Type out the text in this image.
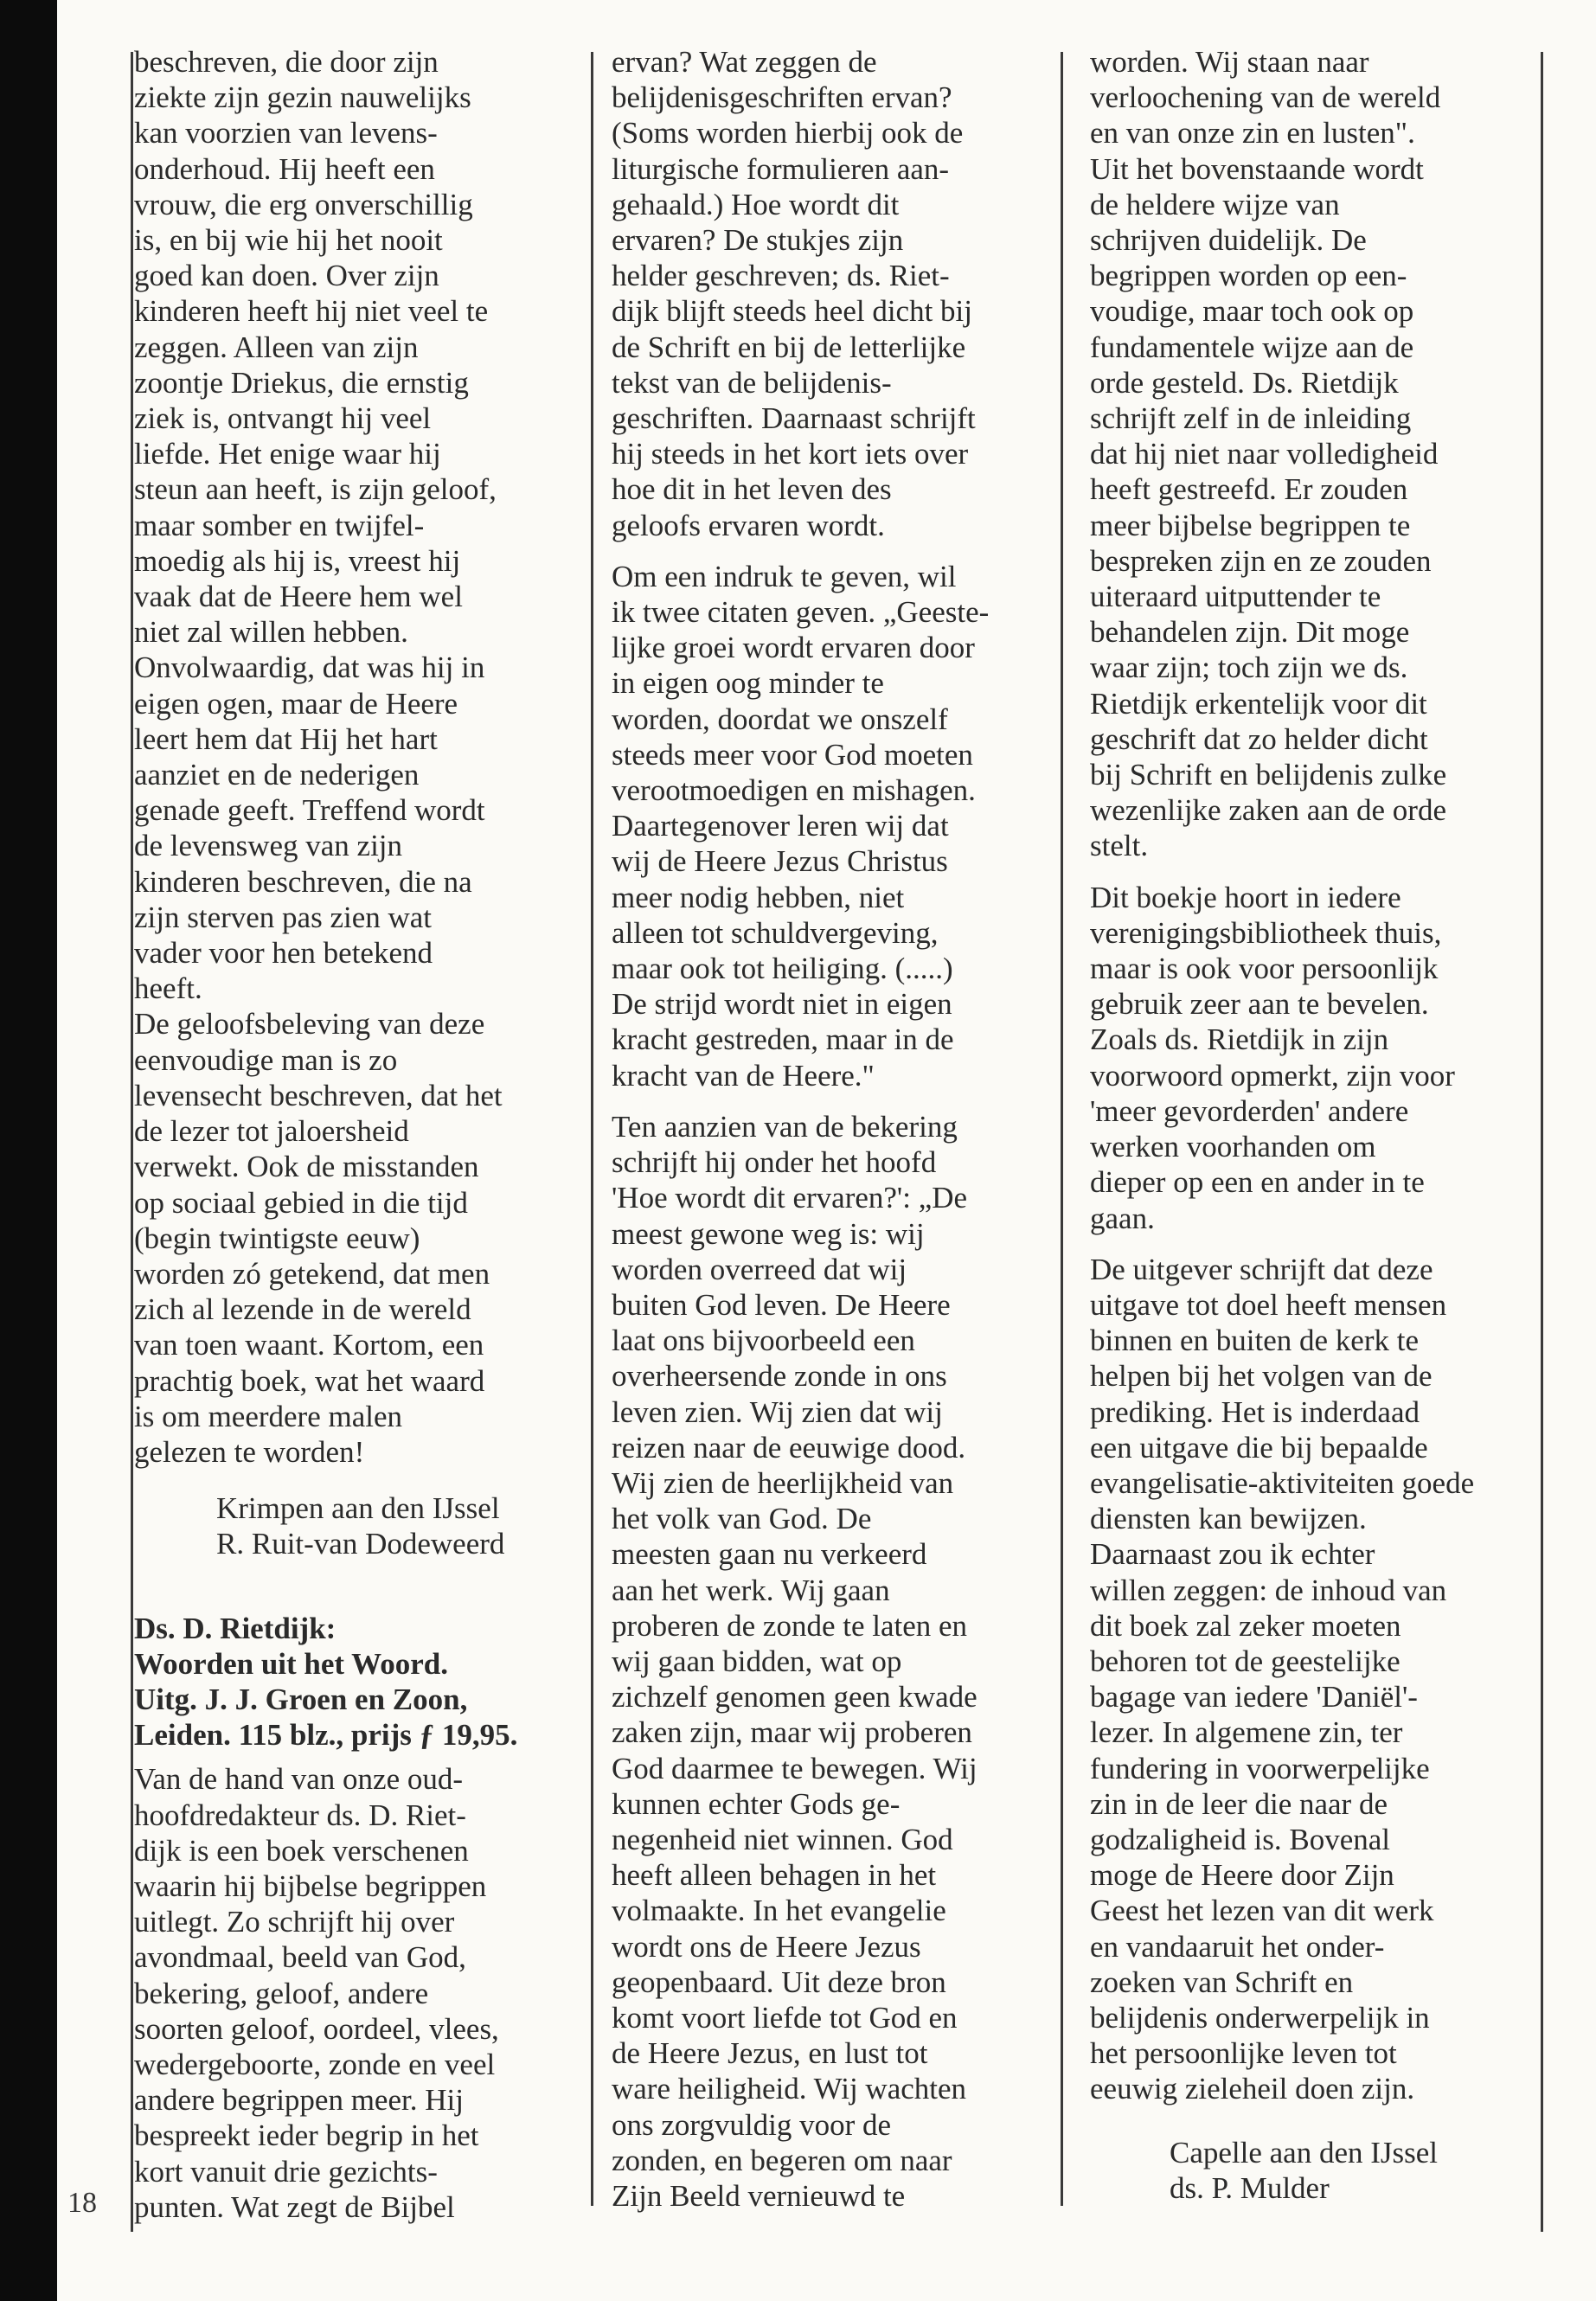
18
beschreven, die door zijn
ziekte zijn gezin nauwelijks
kan voorzien van levens-
onderhoud. Hij heeft een
vrouw, die erg onverschillig
is, en bij wie hij het nooit
goed kan doen. Over zijn
kinderen heeft hij niet veel te
zeggen. Alleen van zijn
zoontje Driekus, die ernstig
ziek is, ontvangt hij veel
liefde. Het enige waar hij
steun aan heeft, is zijn geloof,
maar somber en twijfel-
moedig als hij is, vreest hij
vaak dat de Heere hem wel
niet zal willen hebben.
Onvolwaardig, dat was hij in
eigen ogen, maar de Heere
leert hem dat Hij het hart
aanziet en de nederigen
genade geeft. Treffend wordt
de levensweg van zijn
kinderen beschreven, die na
zijn sterven pas zien wat
vader voor hen betekend
heeft.
De geloofsbeleving van deze
eenvoudige man is zo
levensecht beschreven, dat het
de lezer tot jaloersheid
verwekt. Ook de misstanden
op sociaal gebied in die tijd
(begin twintigste eeuw)
worden zó getekend, dat men
zich al lezende in de wereld
van toen waant. Kortom, een
prachtig boek, wat het waard
is om meerdere malen
gelezen te worden!
Krimpen aan den IJssel
R. Ruit-van Dodeweerd
Ds. D. Rietdijk:
Woorden uit het Woord.
Uitg. J. J. Groen en Zoon,
Leiden. 115 blz., prijs ƒ 19,95.
Van de hand van onze oud-
hoofdredakteur ds. D. Riet-
dijk is een boek verschenen
waarin hij bijbelse begrippen
uitlegt. Zo schrijft hij over
avondmaal, beeld van God,
bekering, geloof, andere
soorten geloof, oordeel, vlees,
wedergeboorte, zonde en veel
andere begrippen meer. Hij
bespreekt ieder begrip in het
kort vanuit drie gezichts-
punten. Wat zegt de Bijbel
ervan? Wat zeggen de
belijdenisgeschriften ervan?
(Soms worden hierbij ook de
liturgische formulieren aan-
gehaald.) Hoe wordt dit
ervaren? De stukjes zijn
helder geschreven; ds. Riet-
dijk blijft steeds heel dicht bij
de Schrift en bij de letterlijke
tekst van de belijdenis-
geschriften. Daarnaast schrijft
hij steeds in het kort iets over
hoe dit in het leven des
geloofs ervaren wordt.
Om een indruk te geven, wil
ik twee citaten geven. „Geeste-
lijke groei wordt ervaren door
in eigen oog minder te
worden, doordat we onszelf
steeds meer voor God moeten
verootmoedigen en mishagen.
Daartegenover leren wij dat
wij de Heere Jezus Christus
meer nodig hebben, niet
alleen tot schuldvergeving,
maar ook tot heiliging. (.....)
De strijd wordt niet in eigen
kracht gestreden, maar in de
kracht van de Heere."
Ten aanzien van de bekering
schrijft hij onder het hoofd
'Hoe wordt dit ervaren?': „De
meest gewone weg is: wij
worden overreed dat wij
buiten God leven. De Heere
laat ons bijvoorbeeld een
overheersende zonde in ons
leven zien. Wij zien dat wij
reizen naar de eeuwige dood.
Wij zien de heerlijkheid van
het volk van God. De
meesten gaan nu verkeerd
aan het werk. Wij gaan
proberen de zonde te laten en
wij gaan bidden, wat op
zichzelf genomen geen kwade
zaken zijn, maar wij proberen
God daarmee te bewegen. Wij
kunnen echter Gods ge-
negenheid niet winnen. God
heeft alleen behagen in het
volmaakte. In het evangelie
wordt ons de Heere Jezus
geopenbaard. Uit deze bron
komt voort liefde tot God en
de Heere Jezus, en lust tot
ware heiligheid. Wij wachten
ons zorgvuldig voor de
zonden, en begeren om naar
Zijn Beeld vernieuwd te
worden. Wij staan naar
verloochening van de wereld
en van onze zin en lusten".
Uit het bovenstaande wordt
de heldere wijze van
schrijven duidelijk. De
begrippen worden op een-
voudige, maar toch ook op
fundamentele wijze aan de
orde gesteld. Ds. Rietdijk
schrijft zelf in de inleiding
dat hij niet naar volledigheid
heeft gestreefd. Er zouden
meer bijbelse begrippen te
bespreken zijn en ze zouden
uiteraard uitputtender te
behandelen zijn. Dit moge
waar zijn; toch zijn we ds.
Rietdijk erkentelijk voor dit
geschrift dat zo helder dicht
bij Schrift en belijdenis zulke
wezenlijke zaken aan de orde
stelt.
Dit boekje hoort in iedere
verenigingsbibliotheek thuis,
maar is ook voor persoonlijk
gebruik zeer aan te bevelen.
Zoals ds. Rietdijk in zijn
voorwoord opmerkt, zijn voor
'meer gevorderden' andere
werken voorhanden om
dieper op een en ander in te
gaan.
De uitgever schrijft dat deze
uitgave tot doel heeft mensen
binnen en buiten de kerk te
helpen bij het volgen van de
prediking. Het is inderdaad
een uitgave die bij bepaalde
evangelisatie-aktiviteiten goede
diensten kan bewijzen.
Daarnaast zou ik echter
willen zeggen: de inhoud van
dit boek zal zeker moeten
behoren tot de geestelijke
bagage van iedere 'Daniël'-
lezer. In algemene zin, ter
fundering in voorwerpelijke
zin in de leer die naar de
godzaligheid is. Bovenal
moge de Heere door Zijn
Geest het lezen van dit werk
en vandaaruit het onder-
zoeken van Schrift en
belijdenis onderwerpelijk in
het persoonlijke leven tot
eeuwig zieleheil doen zijn.
Capelle aan den IJssel
ds. P. Mulder
